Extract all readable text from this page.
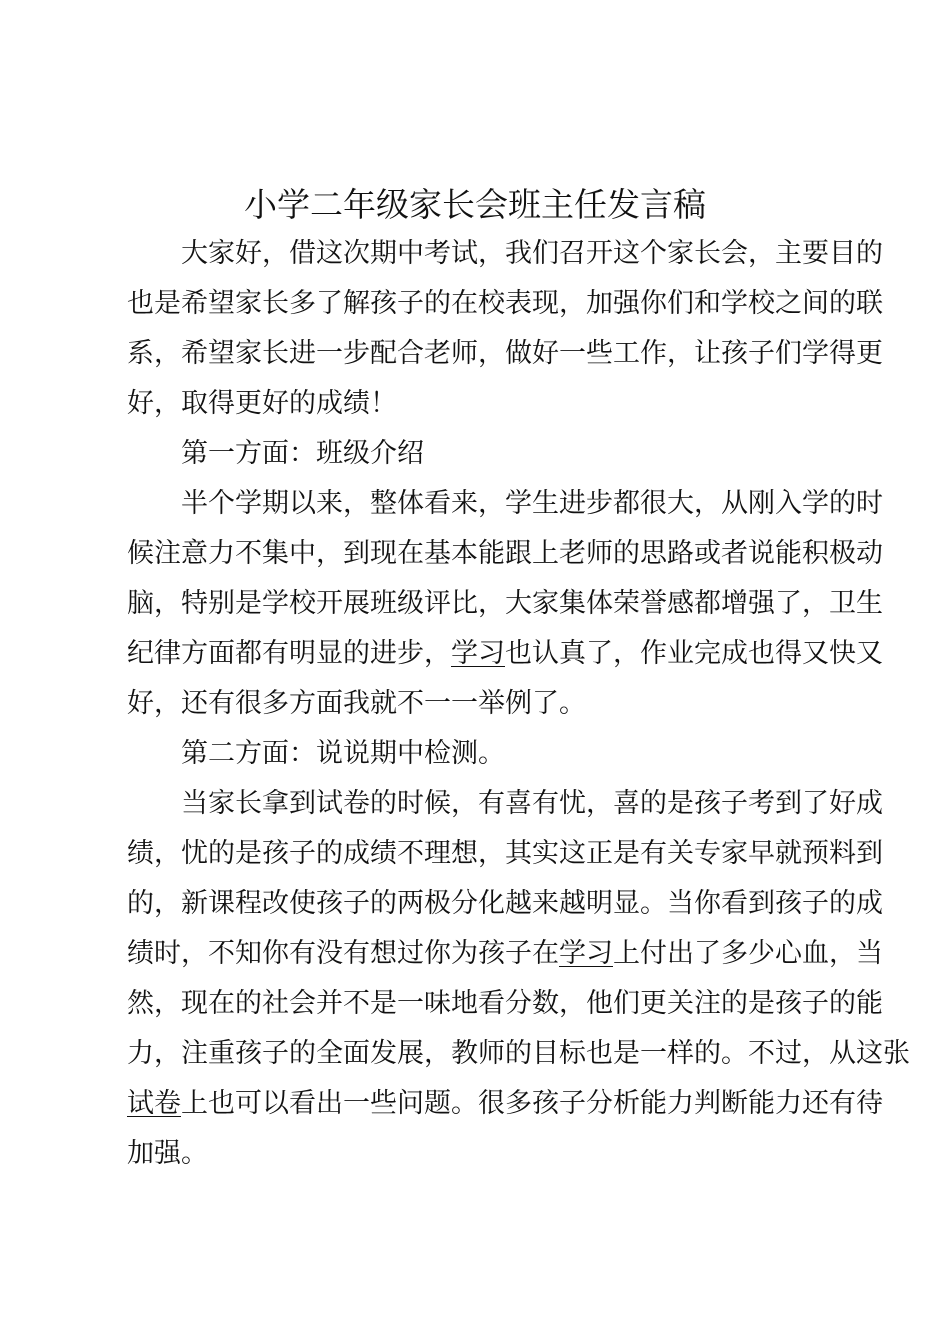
小学二年级家长会班主任发言稿
大家好，借这次期中考试，我们召开这个家长会，主要目的
也是希望家长多了解孩子的在校表现，加强你们和学校之间的联
系，希望家长进一步配合老师，做好一些工作，让孩子们学得更
好，取得更好的成绩！
第一方面：班级介绍
半个学期以来，整体看来，学生进步都很大，从刚入学的时
候注意力不集中，到现在基本能跟上老师的思路或者说能积极动
脑，特别是学校开展班级评比，大家集体荣誉感都增强了，卫生
纪律方面都有明显的进步，学习也认真了，作业完成也得又快又
好，还有很多方面我就不一一举例了。
第二方面：说说期中检测。
当家长拿到试卷的时候，有喜有忧，喜的是孩子考到了好成
绩，忧的是孩子的成绩不理想，其实这正是有关专家早就预料到
的，新课程改使孩子的两极分化越来越明显。当你看到孩子的成
绩时，不知你有没有想过你为孩子在学习上付出了多少心血，当
然，现在的社会并不是一味地看分数，他们更关注的是孩子的能
力，注重孩子的全面发展，教师的目标也是一样的。不过，从这张
试卷上也可以看出一些问题。很多孩子分析能力判断能力还有待
加强。
